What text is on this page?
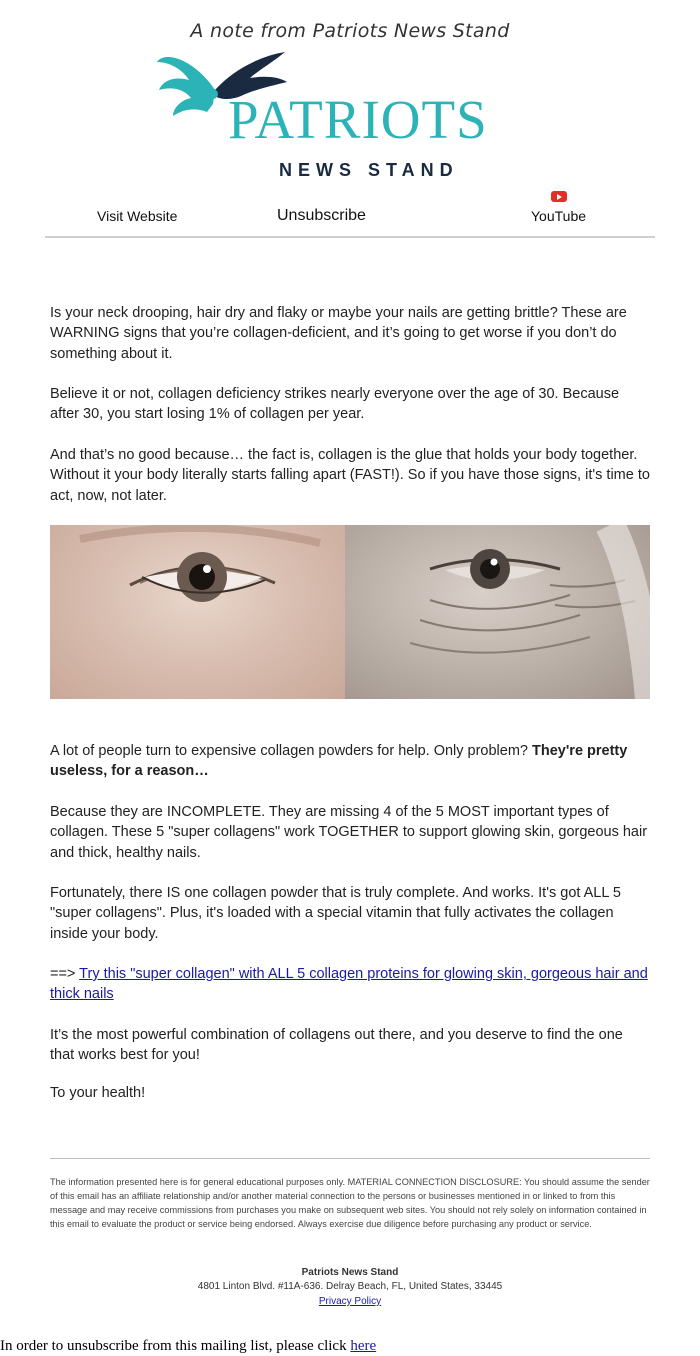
A note from Patriots News Stand
PATRIOTS
NEWS STAND
Visit Website	Unsubscribe	YouTube
Is your neck drooping, hair dry and flaky or maybe your nails are getting brittle? These are WARNING signs that you’re collagen-deficient, and it’s going to get worse if you don’t do something about it.
Believe it or not, collagen deficiency strikes nearly everyone over the age of 30. Because after 30, you start losing 1% of collagen per year.
And that’s no good because… the fact is, collagen is the glue that holds your body together. Without it your body literally starts falling apart (FAST!). So if you have those signs, it's time to act, now, not later.
A lot of people turn to expensive collagen powders for help. Only problem? They're pretty useless, for a reason…
Because they are INCOMPLETE. They are missing 4 of the 5 MOST important types of collagen. These 5 "super collagens" work TOGETHER to support glowing skin, gorgeous hair and thick, healthy nails.
Fortunately, there IS one collagen powder that is truly complete. And works. It's got ALL 5 "super collagens". Plus, it's loaded with a special vitamin that fully activates the collagen inside your body.
==> Try this "super collagen" with ALL 5 collagen proteins for glowing skin, gorgeous hair and thick nails
It’s the most powerful combination of collagens out there, and you deserve to find the one that works best for you!
To your health!
The information presented here is for general educational purposes only. MATERIAL CONNECTION DISCLOSURE: You should assume the sender of this email has an affiliate relationship and/or another material connection to the persons or businesses mentioned in or linked to from this message and may receive commissions from purchases you make on subsequent web sites. You should not rely solely on information contained in this email to evaluate the product or service being endorsed. Always exercise due diligence before purchasing any product or service.
Patriots News Stand
4801 Linton Blvd. #11A-636. Delray Beach, FL, United States, 33445
Privacy Policy
In order to unsubscribe from this mailing list, please click here
